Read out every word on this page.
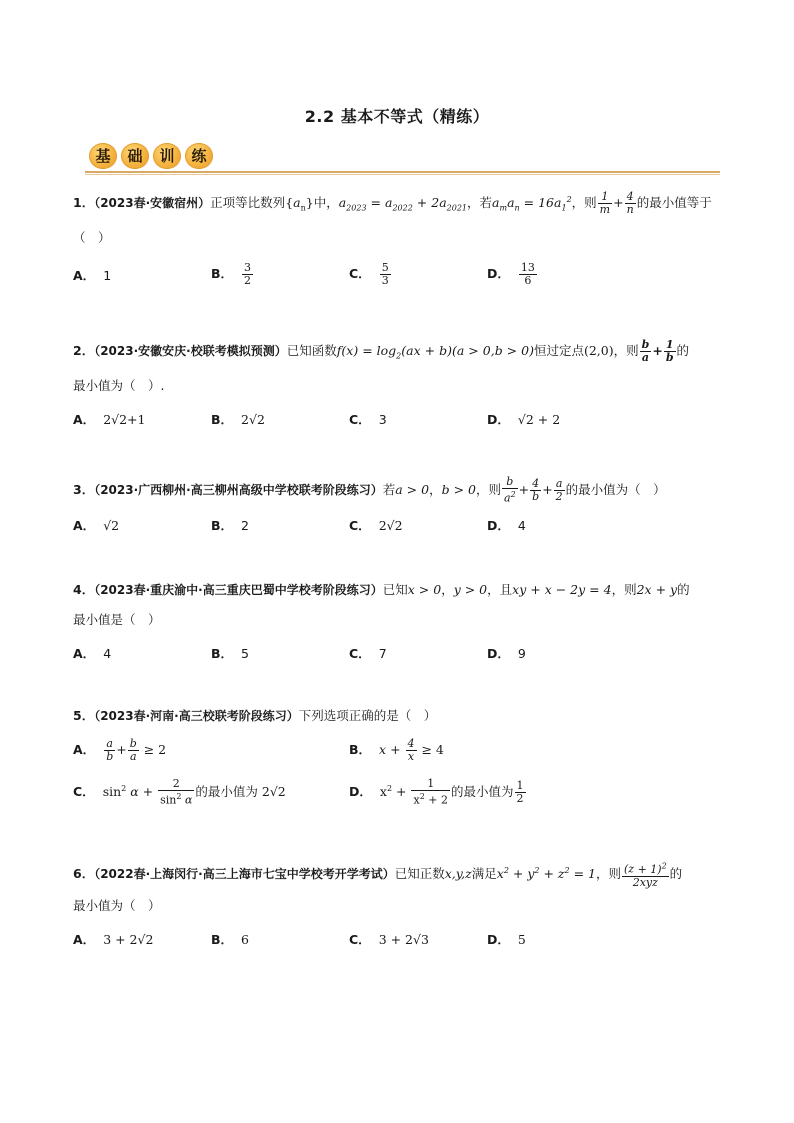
2.2 基本不等式（精练）
基	础	训	练
1．（2023春·安徽宿州）正项等比数列$\{a_n\}$中，$a_{2023} = a_{2022} + 2a_{2021}$，若$a_ma_n = 16a_1^2$，则 $\frac{1}{m} + \frac{4}{n}$ 的最小值等于
（　）
A． 1	B． $\frac{3}{2}$	C． $\frac{5}{3}$	D． $\frac{13}{6}$
2．（2023·安徽安庆·校联考模拟预测）已知函数$f(x) = \log_2(ax + b)(a > 0,b > 0)$恒过定点(2,0)，则 $\frac{b}{a} + \frac{1}{b}$ 的
最小值为（　）.
A． 2√2+1	B． 2√2	C． 3	D． √2 + 2
3．（2023·广西柳州·高三柳州高级中学校联考阶段练习）若a > 0，b > 0，则 $\frac{b}{a^2} + \frac{4}{b} + \frac{a}{2}$ 的最小值为（　）
A． √2	B． 2	C． 2√2	D． 4
4．（2023春·重庆渝中·高三重庆巴蜀中学校考阶段练习）已知x > 0，y > 0，且xy + x − 2y = 4，则2x + y的
最小值是（　）
A． 4	B． 5	C． 7	D． 9
5．（2023春·河南·高三校联考阶段练习）下列选项正确的是（　）
A． $\frac{a}{b} + \frac{b}{a} \ge 2$	B． $x + \frac{4}{x} \ge 4$
C． $\sin^2 \alpha + \frac{2}{\sin^2 \alpha}$ 的最小值为 2√2	D． $x^2 + \frac{1}{x^2 + 2}$ 的最小值为 $\frac{1}{2}$
6．（2022春·上海闵行·高三上海市七宝中学校考开学考试）已知正数x,y,z满足$x^2 + y^2 + z^2 = 1$，则 $\frac{(z + 1)^2}{\text{2xyz}}$ 的
最小值为（　）
A． 3 + 2√2	B． 6	C． 3 + 2√3	D． 5
